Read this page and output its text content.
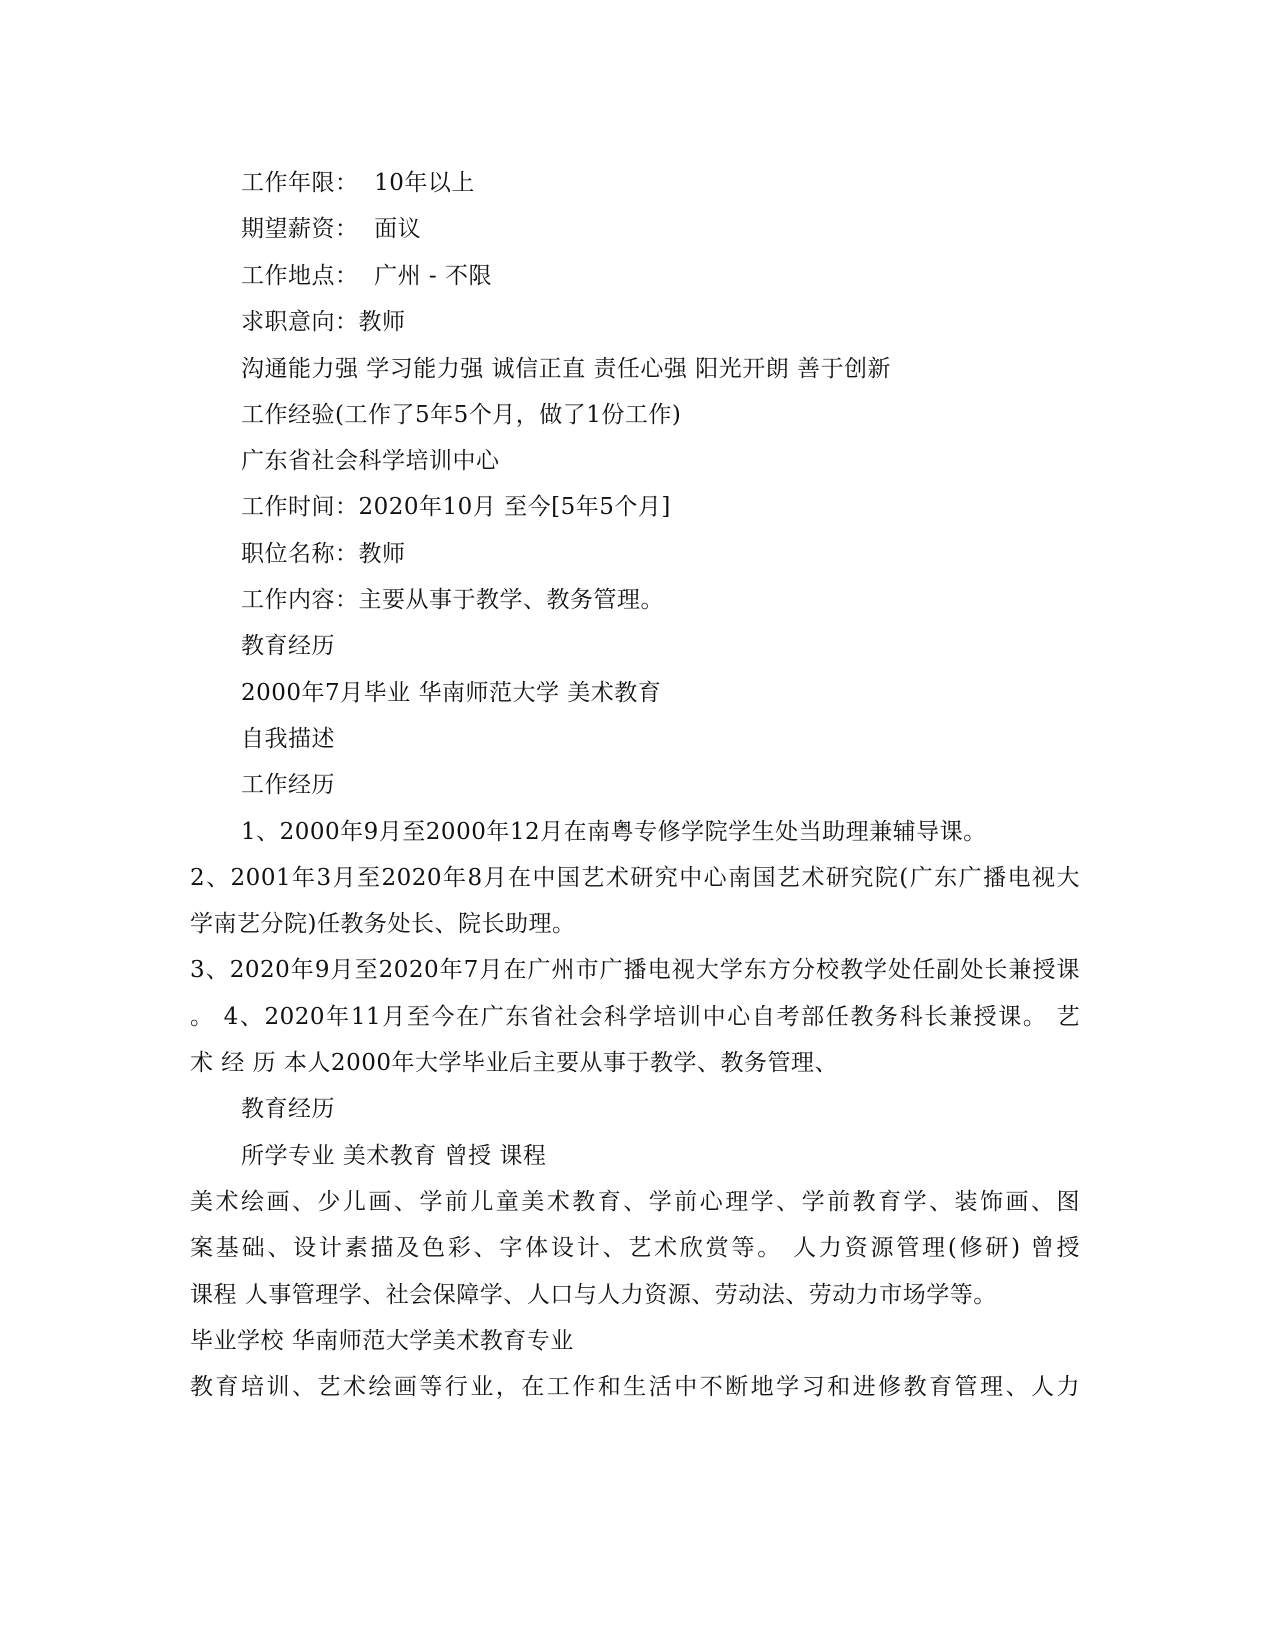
工作年限：  10年以上
期望薪资：  面议
工作地点：  广州 - 不限
求职意向：教师
沟通能力强 学习能力强 诚信正直 责任心强 阳光开朗 善于创新
工作经验(工作了5年5个月，做了1份工作)
广东省社会科学培训中心
工作时间：2020年10月 至今[5年5个月]
职位名称：教师
工作内容：主要从事于教学、教务管理。
教育经历
2000年7月毕业 华南师范大学 美术教育
自我描述
工作经历
1、2000年9月至2000年12月在南粤专修学院学生处当助理兼辅导课。
2、2001年3月至2020年8月在中国艺术研究中心南国艺术研究院(广东广播电视大
学南艺分院)任教务处长、院长助理。
3、2020年9月至2020年7月在广州市广播电视大学东方分校教学处任副处长兼授课
。 4、2020年11月至今在广东省社会科学培训中心自考部任教务科长兼授课。 艺
术 经 历 本人2000年大学毕业后主要从事于教学、教务管理、
教育经历
所学专业 美术教育 曾授 课程
美术绘画、少儿画、学前儿童美术教育、学前心理学、学前教育学、装饰画、图
案基础、设计素描及色彩、字体设计、艺术欣赏等。 人力资源管理(修研) 曾授
课程 人事管理学、社会保障学、人口与人力资源、劳动法、劳动力市场学等。
毕业学校 华南师范大学美术教育专业
教育培训、艺术绘画等行业，在工作和生活中不断地学习和进修教育管理、人力
